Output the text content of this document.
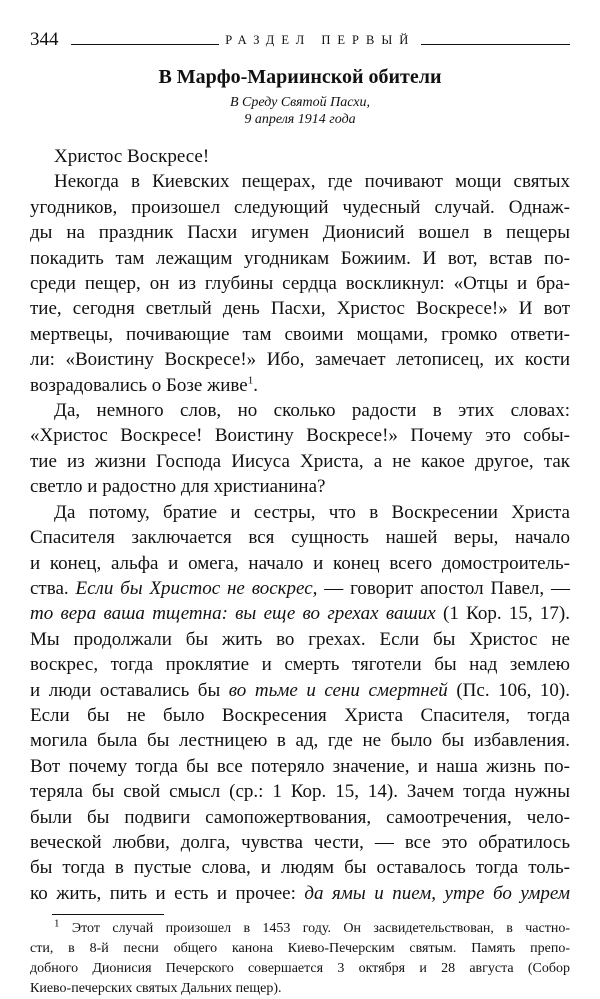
344	$_{РАЗДЕЛ ПЕРВЫЙ}$
В Марфо-Мариинской обители
В Среду Святой Пасхи,
9 апреля 1914 года
Христос Воскресе!
Некогда в Киевских пещерах, где почивают мощи святых
угодников, произошел следующий чудесный случай. Однаж-
ды на праздник Пасхи игумен Дионисий вошел в пещеры
покадить там лежащим угодникам Божиим. И вот, встав по-
среди пещер, он из глубины сердца воскликнул: «Отцы и бра-
тие, сегодня светлый день Пасхи, Христос Воскресе!» И вот
мертвецы, почивающие там своими мощами, громко ответи-
ли: «Воистину Воскресе!» Ибо, замечает летописец, их кости
возрадовались о Бозе живе$^1$.
Да, немного слов, но сколько радости в этих словах:
«Христос Воскресе! Воистину Воскресе!» Почему это собы-
тие из жизни Господа Иисуса Христа, а не какое другое, так
светло и радостно для христианина?
Да потому, братие и сестры, что в Воскресении Христа
Спасителя заключается вся сущность нашей веры, начало
и конец, альфа и омега, начало и конец всего домостроитель-
ства. Если бы Христос не воскрес, — говорит апостол Павел, —
то вера ваша тщетна: вы еще во грехах ваших (1 Кор. 15, 17).
Мы продолжали бы жить во грехах. Если бы Христос не
воскрес, тогда проклятие и смерть тяготели бы над землею
и люди оставались бы во тьме и сени смертней (Пс. 106, 10).
Если бы не было Воскресения Христа Спасителя, тогда
могила была бы лестницею в ад, где не было бы избавления.
Вот почему тогда бы все потеряло значение, и наша жизнь по-
теряла бы свой смысл (ср.: 1 Кор. 15, 14). Зачем тогда нужны
были бы подвиги самопожертвования, самоотречения, чело-
веческой любви, долга, чувства чести, — все это обратилось
бы тогда в пустые слова, и людям бы оставалось тогда толь-
ко жить, пить и есть и прочее: да ямы и пием, утре бо умрем
$^1$ Этот случай произошел в 1453 году. Он засвидетельствован, в частно-
сти, в 8-й песни общего канона Киево-Печерским святым. Память препо-
добного Дионисия Печерского совершается 3 октября и 28 августа (Собор
Киево-печерских святых Дальних пещер).
